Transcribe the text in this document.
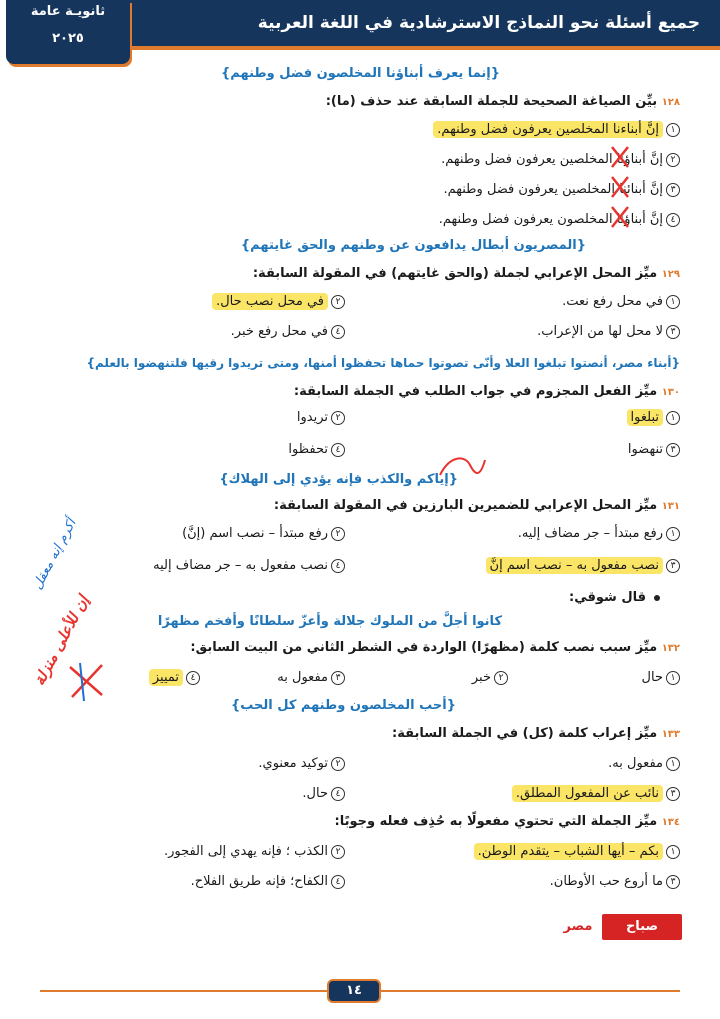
جميع أسئلة نحو النماذج الاسترشادية في اللغة العربية
ثانويـة عامة
٢٠٢٥
{إنما يعرف أبناؤنا المخلصون فضل وطنهم}
١٢٨ بيِّن الصياغة الصحيحة للجملة السابقة عند حذف (ما):
١إنَّ أبناءنا المخلصين يعرفون فضل وطنهم.
٢إنَّ أبناؤنا المخلصين يعرفون فضل وطنهم.
٣إنَّ أبنائنا المخلصين يعرفون فضل وطنهم.
٤إنَّ أبناؤنا المخلصون يعرفون فضل وطنهم.
{المصريون أبطال يدافعون عن وطنهم والحق غايتهم}
١٢٩ ميِّز المحل الإعرابي لجملة (والحق غايتهم) في المقولة السابقة:
١في محل رفع نعت.
٢في محل نصب حال.
٣لا محل لها من الإعراب.
٤في محل رفع خبر.
{أبناء مصر، أنصتوا تبلغوا العلا وأنّى تصوتوا حماها تحفظوا أمنها، ومتى تريدوا رقيها فلتنهضوا بالعلم}
١٣٠ ميِّز الفعل المجزوم في جواب الطلب في الجملة السابقة:
١تبلغوا
٢تريدوا
٣تنهضوا
٤تحفظوا
{إياكم والكذب فإنه يؤدي إلى الهلاك}
١٣١ ميِّز المحل الإعرابي للضميرين البارزين في المقولة السابقة:
١رفع مبتدأ – جر مضاف إليه.
٢رفع مبتدأ – نصب اسم (إنَّ)
٣نصب مفعول به – نصب اسم إنَّ
٤نصب مفعول به – جر مضاف إليه
قال شوقي:
كانوا أجلَّ من الملوك جلالة وأعزّ سلطانًا وأفخم مظهرًا
١٣٢ ميِّز سبب نصب كلمة (مظهرًا) الواردة في الشطر الثاني من البيت السابق:
١حال
٢خبر
٣مفعول به
٤تمييز
أكرم إنه معقل
إن للأعلى منزلة
{أحب المخلصون وطنهم كل الحب}
١٣٣ ميِّز إعراب كلمة (كل) في الجملة السابقة:
١مفعول به.
٢توكيد معنوي.
٣نائب عن المفعول المطلق.
٤حال.
١٣٤ ميِّز الجملة التي تحتوي مفعولًا به حُذِف فعله وجوبًا:
١بكم – أيها الشباب – يتقدم الوطن.
٢الكذب ؛ فإنه يهدي إلى الفجور.
٣ما أروع حب الأوطان.
٤الكفاح؛ فإنه طريق الفلاح.
صباح
مصر
١٤
